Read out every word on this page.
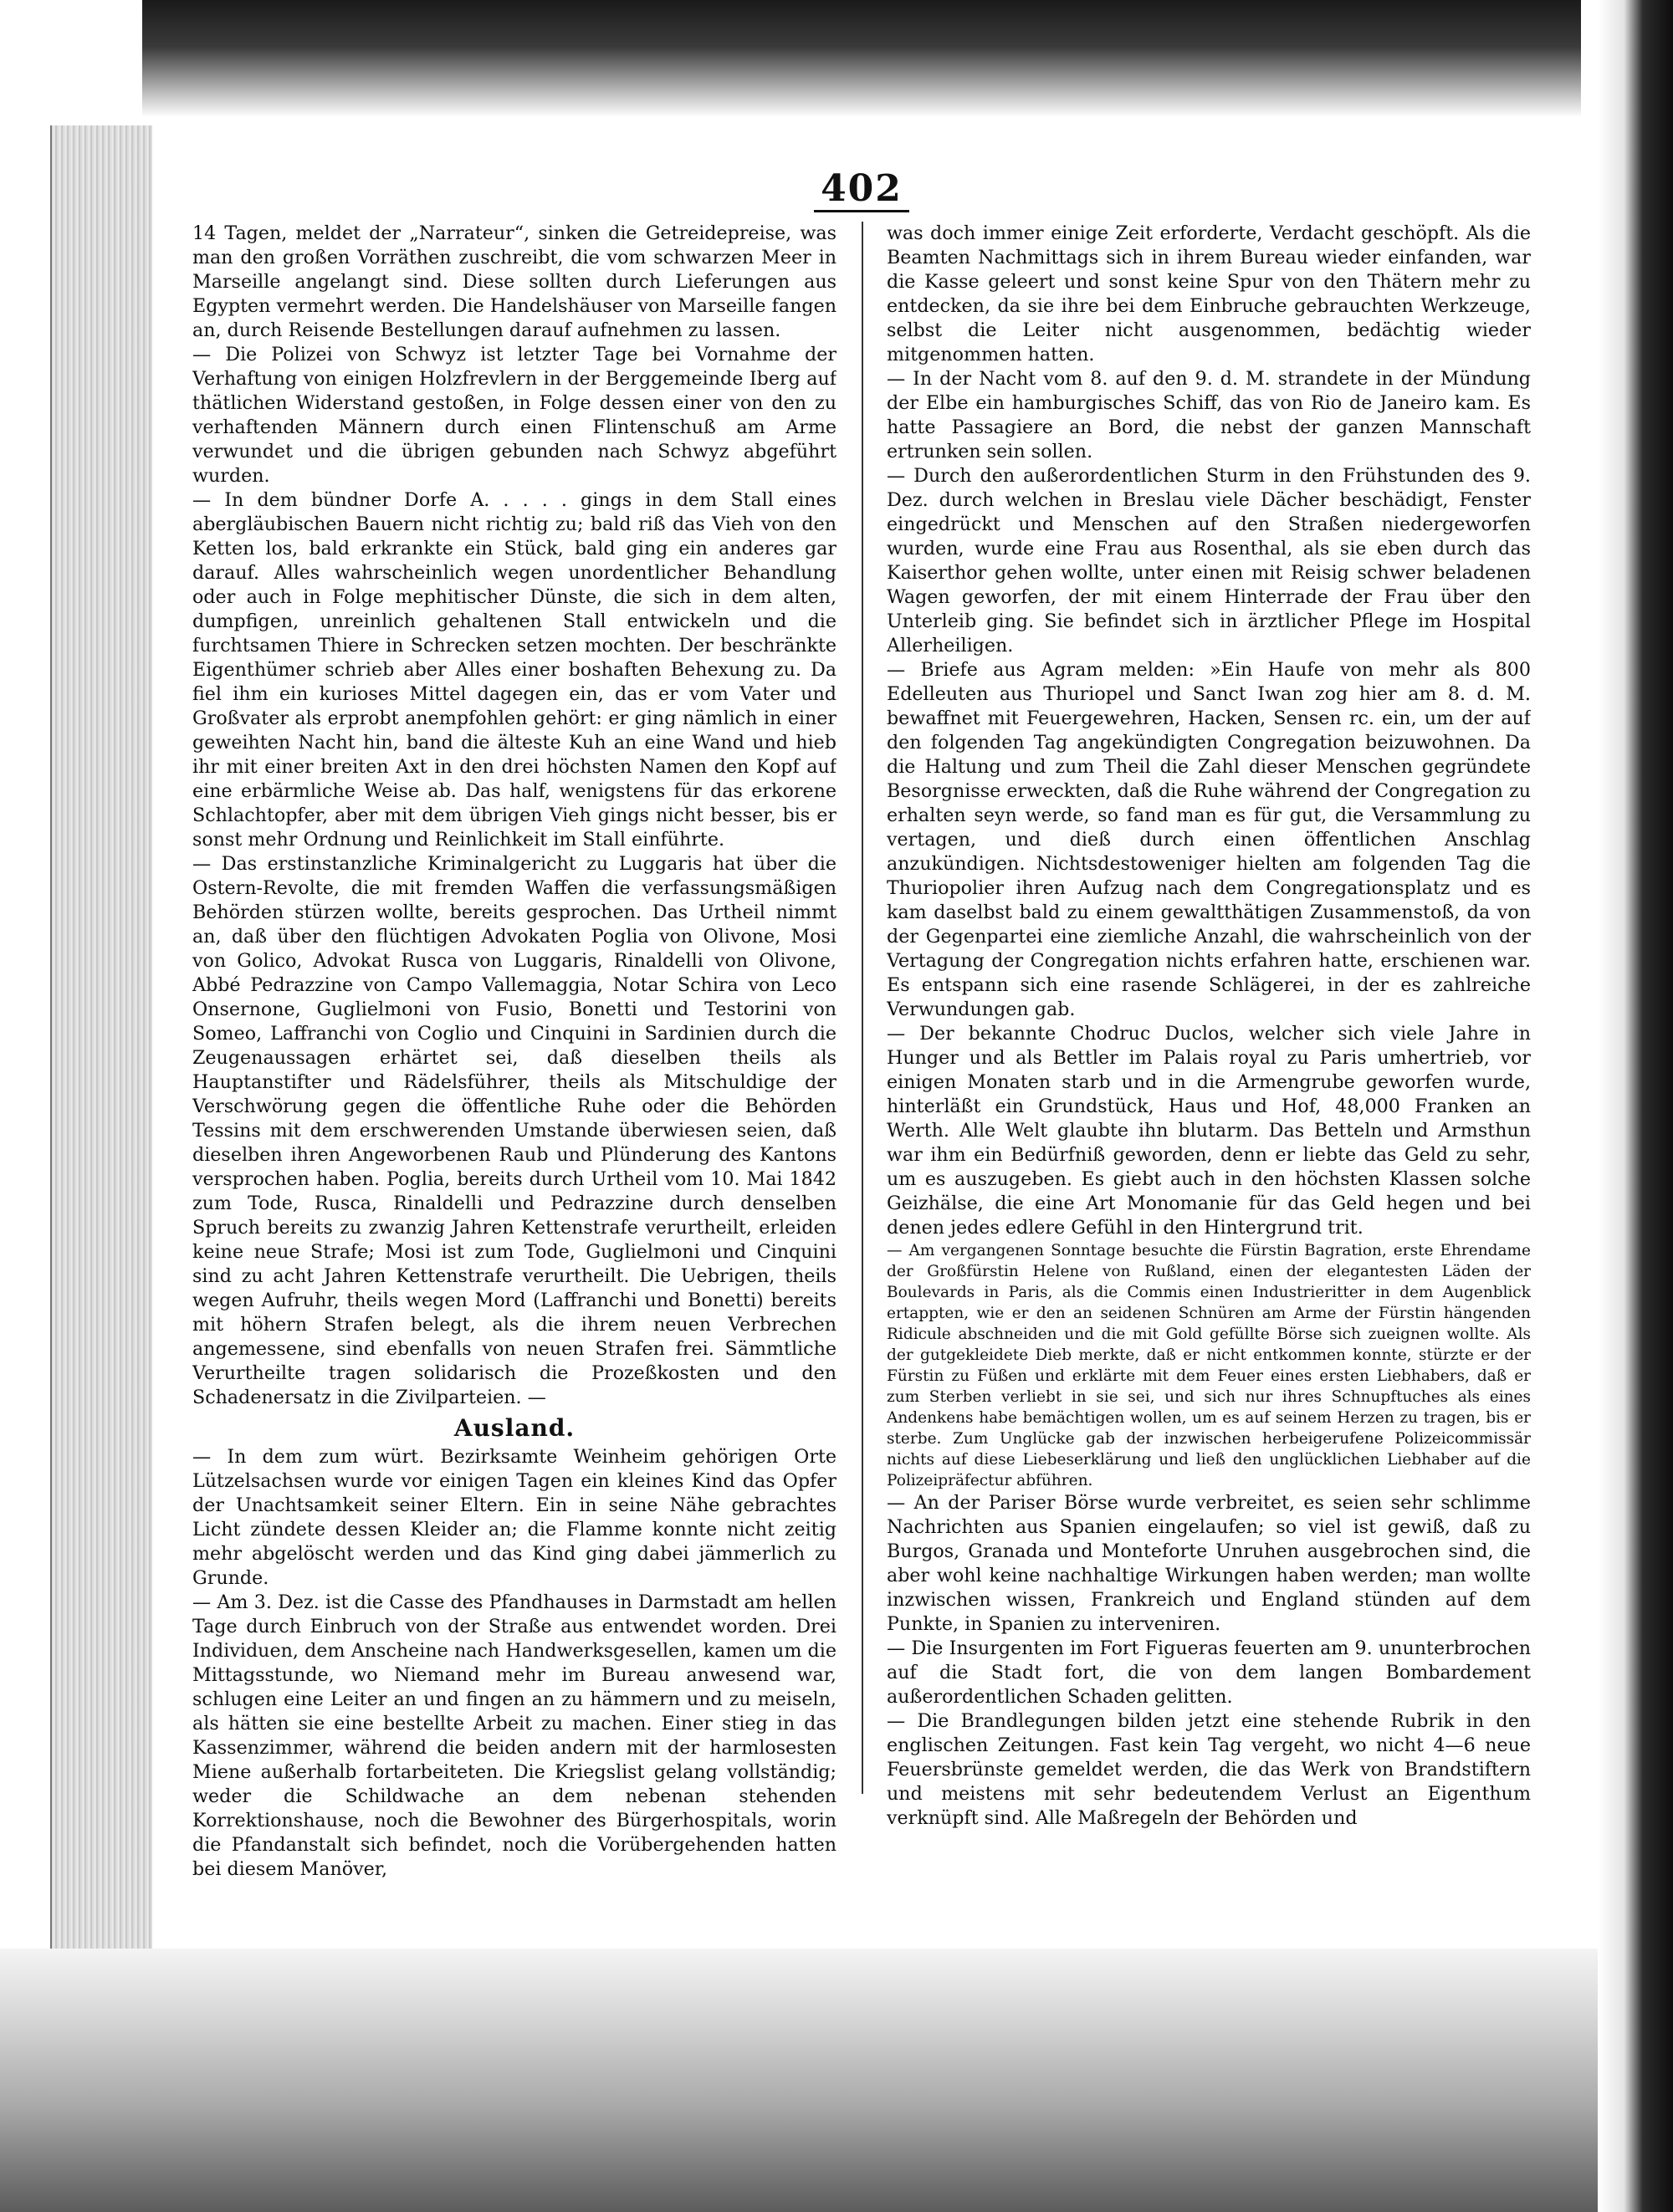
402

14 Tagen, meldet der „Narrateur“, sinken die Getreidepreise, was man den großen Vorräthen zuschreibt, die vom schwarzen Meer in Marseille angelangt sind. Diese sollten durch Lieferungen aus Egypten vermehrt werden. Die Handelshäuser von Marseille fangen an, durch Reisende Bestellungen darauf aufnehmen zu lassen.

— Die Polizei von Schwyz ist letzter Tage bei Vornahme der Verhaftung von einigen Holzfrevlern in der Berggemeinde Iberg auf thätlichen Widerstand gestoßen, in Folge dessen einer von den zu verhaftenden Männern durch einen Flintenschuß am Arme verwundet und die übrigen gebunden nach Schwyz abgeführt wurden.

— In dem bündner Dorfe A. . . . . gings in dem Stall eines abergläubischen Bauern nicht richtig zu; bald riß das Vieh von den Ketten los, bald erkrankte ein Stück, bald ging ein anderes gar darauf. Alles wahrscheinlich wegen unordentlicher Behandlung oder auch in Folge mephitischer Dünste, die sich in dem alten, dumpfigen, unreinlich gehaltenen Stall entwickeln und die furchtsamen Thiere in Schrecken setzen mochten. Der beschränkte Eigenthümer schrieb aber Alles einer boshaften Behexung zu. Da fiel ihm ein kurioses Mittel dagegen ein, das er vom Vater und Großvater als erprobt anempfohlen gehört: er ging nämlich in einer geweihten Nacht hin, band die älteste Kuh an eine Wand und hieb ihr mit einer breiten Axt in den drei höchsten Namen den Kopf auf eine erbärmliche Weise ab. Das half, wenigstens für das erkorene Schlachtopfer, aber mit dem übrigen Vieh gings nicht besser, bis er sonst mehr Ordnung und Reinlichkeit im Stall einführte.

— Das erstinstanzliche Kriminalgericht zu Luggaris hat über die Ostern-Revolte, die mit fremden Waffen die verfassungsmäßigen Behörden stürzen wollte, bereits gesprochen. Das Urtheil nimmt an, daß über den flüchtigen Advokaten Poglia von Olivone, Mosi von Golico, Advokat Rusca von Luggaris, Rinaldelli von Olivone, Abbé Pedrazzine von Campo Vallemaggia, Notar Schira von Leco Onsernone, Guglielmoni von Fusio, Bonetti und Testorini von Someo, Laffranchi von Coglio und Cinquini in Sardinien durch die Zeugenaussagen erhärtet sei, daß dieselben theils als Hauptanstifter und Rädelsführer, theils als Mitschuldige der Verschwörung gegen die öffentliche Ruhe oder die Behörden Tessins mit dem erschwerenden Umstande überwiesen seien, daß dieselben ihren Angeworbenen Raub und Plünderung des Kantons versprochen haben. Poglia, bereits durch Urtheil vom 10. Mai 1842 zum Tode, Rusca, Rinaldelli und Pedrazzine durch denselben Spruch bereits zu zwanzig Jahren Kettenstrafe verurtheilt, erleiden keine neue Strafe; Mosi ist zum Tode, Guglielmoni und Cinquini sind zu acht Jahren Kettenstrafe verurtheilt. Die Uebrigen, theils wegen Aufruhr, theils wegen Mord (Laffranchi und Bonetti) bereits mit höhern Strafen belegt, als die ihrem neuen Verbrechen angemessene, sind ebenfalls von neuen Strafen frei. Sämmtliche Verurtheilte tragen solidarisch die Prozeßkosten und den Schadenersatz in die Zivilparteien. —

Ausland.

— In dem zum würt. Bezirksamte Weinheim gehörigen Orte Lützelsachsen wurde vor einigen Tagen ein kleines Kind das Opfer der Unachtsamkeit seiner Eltern. Ein in seine Nähe gebrachtes Licht zündete dessen Kleider an; die Flamme konnte nicht zeitig mehr abgelöscht werden und das Kind ging dabei jämmerlich zu Grunde.

— Am 3. Dez. ist die Casse des Pfandhauses in Darmstadt am hellen Tage durch Einbruch von der Straße aus entwendet worden. Drei Individuen, dem Anscheine nach Handwerksgesellen, kamen um die Mittagsstunde, wo Niemand mehr im Bureau anwesend war, schlugen eine Leiter an und fingen an zu hämmern und zu meiseln, als hätten sie eine bestellte Arbeit zu machen. Einer stieg in das Kassenzimmer, während die beiden andern mit der harmlosesten Miene außerhalb fortarbeiteten. Die Kriegslist gelang vollständig; weder die Schildwache an dem nebenan stehenden Korrektionshause, noch die Bewohner des Bürgerhospitals, worin die Pfandanstalt sich befindet, noch die Vorübergehenden hatten bei diesem Manöver,

was doch immer einige Zeit erforderte, Verdacht geschöpft. Als die Beamten Nachmittags sich in ihrem Bureau wieder einfanden, war die Kasse geleert und sonst keine Spur von den Thätern mehr zu entdecken, da sie ihre bei dem Einbruche gebrauchten Werkzeuge, selbst die Leiter nicht ausgenommen, bedächtig wieder mitgenommen hatten.

— In der Nacht vom 8. auf den 9. d. M. strandete in der Mündung der Elbe ein hamburgisches Schiff, das von Rio de Janeiro kam. Es hatte Passagiere an Bord, die nebst der ganzen Mannschaft ertrunken sein sollen.

— Durch den außerordentlichen Sturm in den Frühstunden des 9. Dez. durch welchen in Breslau viele Dächer beschädigt, Fenster eingedrückt und Menschen auf den Straßen niedergeworfen wurden, wurde eine Frau aus Rosenthal, als sie eben durch das Kaiserthor gehen wollte, unter einen mit Reisig schwer beladenen Wagen geworfen, der mit einem Hinterrade der Frau über den Unterleib ging. Sie befindet sich in ärztlicher Pflege im Hospital Allerheiligen.

— Briefe aus Agram melden: »Ein Haufe von mehr als 800 Edelleuten aus Thuriopel und Sanct Iwan zog hier am 8. d. M. bewaffnet mit Feuergewehren, Hacken, Sensen rc. ein, um der auf den folgenden Tag angekündigten Congregation beizuwohnen. Da die Haltung und zum Theil die Zahl dieser Menschen gegründete Besorgnisse erweckten, daß die Ruhe während der Congregation zu erhalten seyn werde, so fand man es für gut, die Versammlung zu vertagen, und dieß durch einen öffentlichen Anschlag anzukündigen. Nichtsdestoweniger hielten am folgenden Tag die Thuriopolier ihren Aufzug nach dem Congregationsplatz und es kam daselbst bald zu einem gewaltthätigen Zusammenstoß, da von der Gegenpartei eine ziemliche Anzahl, die wahrscheinlich von der Vertagung der Congregation nichts erfahren hatte, erschienen war. Es entspann sich eine rasende Schlägerei, in der es zahlreiche Verwundungen gab.

— Der bekannte Chodruc Duclos, welcher sich viele Jahre in Hunger und als Bettler im Palais royal zu Paris umhertrieb, vor einigen Monaten starb und in die Armengrube geworfen wurde, hinterläßt ein Grundstück, Haus und Hof, 48,000 Franken an Werth. Alle Welt glaubte ihn blutarm. Das Betteln und Armsthun war ihm ein Bedürfniß geworden, denn er liebte das Geld zu sehr, um es auszugeben. Es giebt auch in den höchsten Klassen solche Geizhälse, die eine Art Monomanie für das Geld hegen und bei denen jedes edlere Gefühl in den Hintergrund trit.

— Am vergangenen Sonntage besuchte die Fürstin Bagration, erste Ehrendame der Großfürstin Helene von Rußland, einen der elegantesten Läden der Boulevards in Paris, als die Commis einen Industrieritter in dem Augenblick ertappten, wie er den an seidenen Schnüren am Arme der Fürstin hängenden Ridicule abschneiden und die mit Gold gefüllte Börse sich zueignen wollte. Als der gutgekleidete Dieb merkte, daß er nicht entkommen konnte, stürzte er der Fürstin zu Füßen und erklärte mit dem Feuer eines ersten Liebhabers, daß er zum Sterben verliebt in sie sei, und sich nur ihres Schnupftuches als eines Andenkens habe bemächtigen wollen, um es auf seinem Herzen zu tragen, bis er sterbe. Zum Unglücke gab der inzwischen herbeigerufene Polizeicommissär nichts auf diese Liebeserklärung und ließ den unglücklichen Liebhaber auf die Polizeipräfectur abführen.

— An der Pariser Börse wurde verbreitet, es seien sehr schlimme Nachrichten aus Spanien eingelaufen; so viel ist gewiß, daß zu Burgos, Granada und Monteforte Unruhen ausgebrochen sind, die aber wohl keine nachhaltige Wirkungen haben werden; man wollte inzwischen wissen, Frankreich und England stünden auf dem Punkte, in Spanien zu interveniren.

— Die Insurgenten im Fort Figueras feuerten am 9. ununterbrochen auf die Stadt fort, die von dem langen Bombardement außerordentlichen Schaden gelitten.

— Die Brandlegungen bilden jetzt eine stehende Rubrik in den englischen Zeitungen. Fast kein Tag vergeht, wo nicht 4—6 neue Feuersbrünste gemeldet werden, die das Werk von Brandstiftern und meistens mit sehr bedeutendem Verlust an Eigenthum verknüpft sind. Alle Maßregeln der Behörden und
